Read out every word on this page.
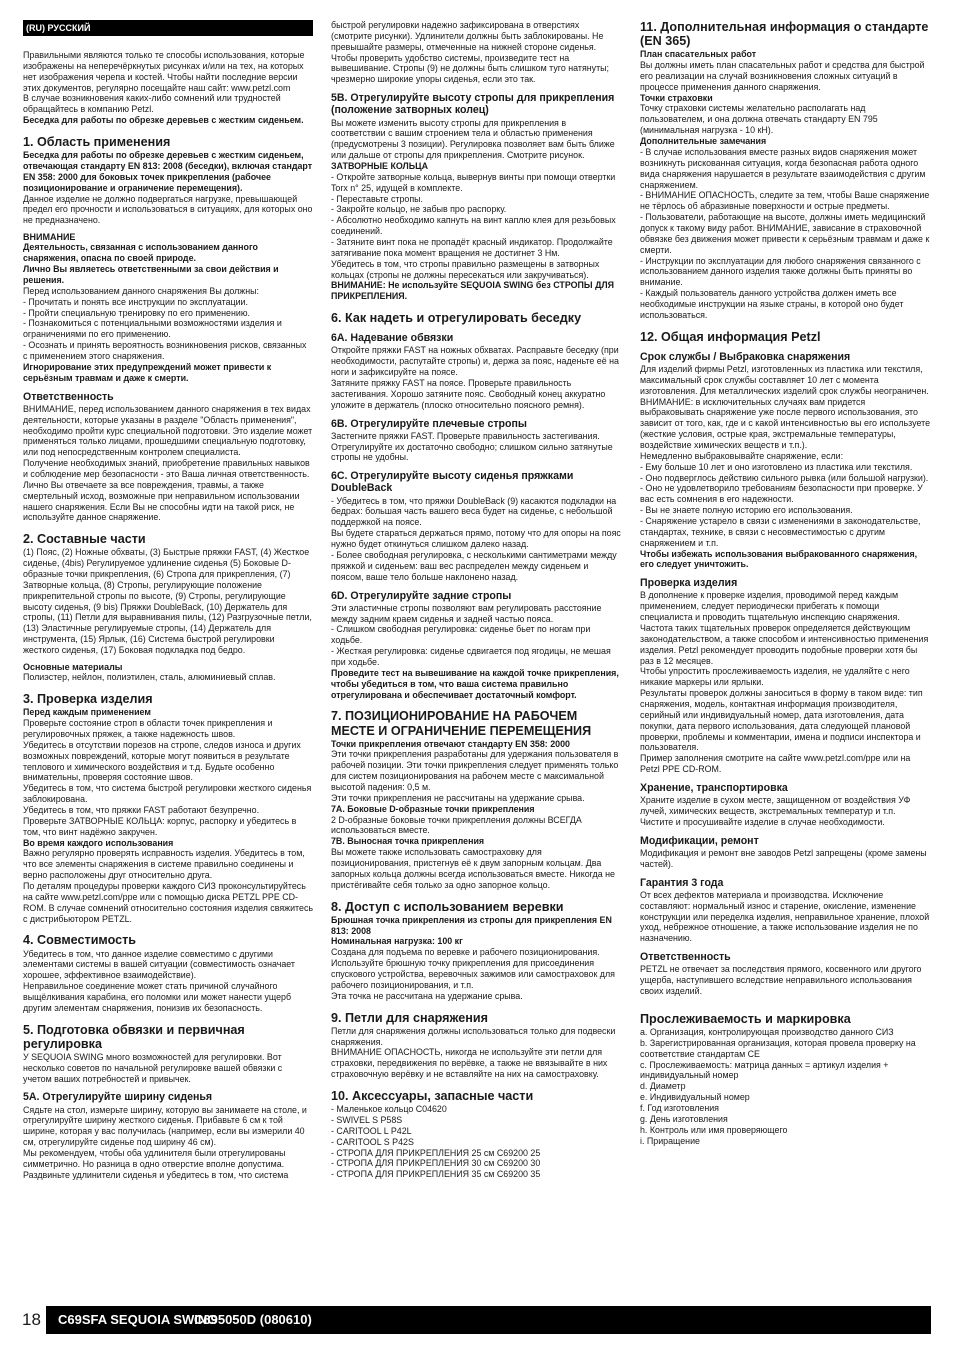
(RU) РУССКИЙ

Правильными являются только те способы использования, которые изображены на неперечёркнутых рисунках и/или на тех, на которых нет изображения черепа и костей. Чтобы найти последние версии этих документов, регулярно посещайте наш сайт: www.petzl.com

В случае возникновения каких-либо сомнений или трудностей обращайтесь в компанию Petzl.

Беседка для работы по обрезке деревьев с жестким сиденьем.

1. Область применения

Беседка для работы по обрезке деревьев с жестким сиденьем, отвечающая стандарту EN 813: 2008 (беседки), включая стандарт EN 358: 2000 для боковых точек прикрепления (рабочее позиционирование и ограничение перемещения).

Данное изделие не должно подвергаться нагрузке, превышающей предел его прочности и использоваться в ситуациях, для которых оно не предназначено.

ВНИМАНИЕ

Деятельность, связанная с использованием данного снаряжения, опасна по своей природе.

Лично Вы являетесь ответственными за свои действия и решения.

Перед использованием данного снаряжения Вы должны:

- Прочитать и понять все инструкции по эксплуатации.

- Пройти специальную тренировку по его применению.

- Познакомиться с потенциальными возможностями изделия и ограничениями по его применению.

- Осознать и принять вероятность возникновения рисков, связанных с применением этого снаряжения.

Игнорирование этих предупреждений может привести к серьёзным травмам и даже к смерти.

Ответственность

ВНИМАНИЕ, перед использованием данного снаряжения в тех видах деятельности, которые указаны в разделе "Область применения", необходимо пройти курс специальной подготовки. Это изделие может применяться только лицами, прошедшими специальную подготовку, или под непосредственным контролем специалиста.

Получение необходимых знаний, приобретение правильных навыков и соблюдение мер безопасности - это Ваша личная ответственность.

Лично Вы отвечаете за все повреждения, травмы, а также смертельный исход, возможные при неправильном использовании нашего снаряжения. Если Вы не способны идти на такой риск, не используйте данное снаряжение.

2. Составные части

(1) Пояс, (2) Ножные обхваты, (3) Быстрые пряжки FAST, (4) Жесткое сиденье, (4bis) Регулируемое удлинение сиденья (5) Боковые D-образные точки прикрепления, (6) Стропа для прикрепления, (7) Затворные кольца, (8) Стропы, регулирующие положение прикрепительной стропы по высоте, (9) Стропы, регулирующие высоту сиденья, (9 bis) Пряжки DoubleBack, (10) Держатель для стропы, (11) Петли для выравнивания пилы, (12) Разгрузочные петли, (13) Эластичные регулируемые стропы, (14) Держатель для инструмента, (15) Ярлык, (16) Система быстрой регулировки жесткого сиденья, (17) Боковая подкладка под бедро.

Основные материалы

Полиэстер, нейлон, полиэтилен, сталь, алюминиевый сплав.

3. Проверка изделия

Перед каждым применением

Проверьте состояние строп в области точек прикрепления и регулировочных пряжек, а также надежность швов.

Убедитесь в отсутствии порезов на стропе, следов износа и других возможных повреждений, которые могут появиться в результате теплового и химического воздействия и т.д. Будьте особенно внимательны, проверяя состояние швов.

Убедитесь в том, что система быстрой регулировки жесткого сиденья заблокирована.

Убедитесь в том, что пряжки FAST работают безупречно.

Проверьте ЗАТВОРНЫЕ КОЛЬЦА: корпус, распорку и убедитесь в том, что винт надёжно закручен.

Во время каждого использования

Важно регулярно проверять исправность изделия. Убедитесь в том, что все элементы снаряжения в системе правильно соединены и верно расположены друг относительно друга.

По деталям процедуры проверки каждого СИЗ проконсультируйтесь на сайте www.petzl.com/ppe или с помощью диска PETZL PPE CD-ROM. В случае сомнений относительно состояния изделия свяжитесь с дистрибьютором PETZL.

4. Совместимость

Убедитесь в том, что данное изделие совместимо с другими элементами системы в вашей ситуации (совместимость означает хорошее, эффективное взаимодействие).

Неправильное соединение может стать причиной случайного выщёлкивания карабина, его поломки или может нанести ущерб другим элементам снаряжения, понизив их безопасность.

5. Подготовка обвязки и первичная регулировка

У SEQUOIA SWING много возможностей для регулировки. Вот несколько советов по начальной регулировке вашей обвязки с учетом ваших потребностей и привычек.

5A. Отрегулируйте ширину сиденья

Сядьте на стол, измерьте ширину, которую вы занимаете на столе, и отрегулируйте ширину жесткого сиденья. Прибавьте 6 см к той ширине, которая у вас получилась (например, если вы измерили 40 см, отрегулируйте сиденье под ширину 46 см).

Мы рекомендуем, чтобы оба удлинителя были отрегулированы симметрично. Но разница в одно отверстие вполне допустима. Раздвиньте удлинители сиденья и убедитесь в том, что система

быстрой регулировки надежно зафиксирована в отверстиях (смотрите рисунки). Удлинители должны быть заблокированы. Не превышайте размеры, отмеченные на нижней стороне сиденья. Чтобы проверить удобство системы, произведите тест на вывешивание. Стропы (9) не должны быть слишком туго натянуты; чрезмерно широкие упоры сиденья, если это так.

5B. Отрегулируйте высоту стропы для прикрепления (положение затворных колец)

Вы можете изменить высоту стропы для прикрепления в соответствии с вашим строением тела и областью применения (предусмотрены 3 позиции). Регулировка позволяет вам быть ближе или дальше от стропы для прикрепления. Смотрите рисунок.

ЗАТВОРНЫЕ КОЛЬЦА

- Откройте затворные кольца, вывернув винты при помощи отвертки Torx n° 25, идущей в комплекте.

- Переставьте стропы.

- Закройте кольцо, не забыв про распорку.

- Абсолютно необходимо капнуть на винт каплю клея для резьбовых соединений.

- Затяните винт пока не пропадёт красный индикатор. Продолжайте затягивание пока момент вращения не достигнет 3 Нм.

Убедитесь в том, что стропы правильно размещены в затворных кольцах (стропы не должны пересекаться или закручиваться).

ВНИМАНИЕ: Не используйте SEQUOIA SWING без СТРОПЫ ДЛЯ ПРИКРЕПЛЕНИЯ.

6. Как надеть и отрегулировать беседку
6A. Надевание обвязки

Откройте пряжки FAST на ножных обхватах. Расправьте беседку (при необходимости, распутайте стропы) и, держа за пояс, наденьте её на ноги и зафиксируйте на поясе.

Затяните пряжку FAST на поясе. Проверьте правильность застегивания. Хорошо затяните пояс. Свободный конец аккуратно уложите в держатель (плоско относительно поясного ремня).

6B. Отрегулируйте плечевые стропы

Застегните пряжки FAST. Проверьте правильность застегивания. Отрегулируйте их достаточно свободно; слишком сильно затянутые стропы не удобны.

6C. Отрегулируйте высоту сиденья пряжками DoubleBack

- Убедитесь в том, что пряжки DoubleBack (9) касаются подкладки на бедрах: большая часть вашего веса будет на сиденье, с небольшой поддержкой на поясе.

Вы будете стараться держаться прямо, потому что для опоры на пояс нужно будет откинуться слишком далеко назад.

- Более свободная регулировка, с несколькими сантиметрами между пряжкой и сиденьем: ваш вес распределен между сиденьем и поясом, ваше тело больше наклонено назад.

6D. Отрегулируйте задние стропы

Эти эластичные стропы позволяют вам регулировать расстояние между задним краем сиденья и задней частью пояса.

- Слишком свободная регулировка: сиденье бьет по ногам при ходьбе.

- Жесткая регулировка: сиденье сдвигается под ягодицы, не мешая при ходьбе.

Проведите тест на вывешивание на каждой точке прикрепления, чтобы убедиться в том, что ваша система правильно отрегулирована и обеспечивает достаточный комфорт.

7. ПОЗИЦИОНИРОВАНИЕ НА РАБОЧЕМ МЕСТЕ И ОГРАНИЧЕНИЕ ПЕРЕМЕЩЕНИЯ

Точки прикрепления отвечают стандарту EN 358: 2000

Эти точки прикрепления разработаны для удержания пользователя в рабочей позиции. Эти точки прикрепления следует применять только для систем позиционирования на рабочем месте с максимальной высотой падения: 0,5 м.

Эти точки прикрепления не рассчитаны на удержание срыва.

7A. Боковые D-образные точки прикрепления

2 D-образные боковые точки прикрепления должны ВСЕГДА использоваться вместе.

7B. Выносная точка прикрепления

Вы можете также использовать самостраховку для позиционирования, пристегнув её к двум запорным кольцам. Два запорных кольца должны всегда использоваться вместе. Никогда не пристёгивайте себя только за одно запорное кольцо.

8. Доступ с использованием веревки

Брюшная точка прикрепления из стропы для прикрепления EN 813: 2008

Номинальная нагрузка: 100 кг

Создана для подъема по веревке и рабочего позиционирования. Используйте брюшную точку прикрепления для присоединения спускового устройства, веревочных зажимов или самостраховок для рабочего позиционирования, и т.п.

Эта точка не рассчитана на удержание срыва.

9. Петли для снаряжения

Петли для снаряжения должны использоваться только для подвески снаряжения.

ВНИМАНИЕ ОПАСНОСТЬ, никогда не используйте эти петли для страховки, передвижения по верёвке, а также не ввязывайте в них страховочную верёвку и не вставляйте на них на самостраховку.

10. Аксессуары, запасные части

- Маленькое кольцо C04620

- SWIVEL S P58S

- CARITOOL L P42L

- CARITOOL S P42S

- СТРОПА ДЛЯ ПРИКРЕПЛЕНИЯ 25 см C69200 25

- СТРОПА ДЛЯ ПРИКРЕПЛЕНИЯ 30 см C69200 30

- СТРОПА ДЛЯ ПРИКРЕПЛЕНИЯ 35 см C69200 35

11. Дополнительная информация о стандарте (EN 365)

План спасательных работ

Вы должны иметь план спасательных работ и средства для быстрой его реализации на случай возникновения сложных ситуаций в процессе применения данного снаряжения.

Точки страховки

Точку страховки системы желательно располагать над пользователем, и она должна отвечать стандарту EN 795 (минимальная нагрузка - 10 кН).

Дополнительные замечания

- В случае использования вместе разных видов снаряжения может возникнуть рискованная ситуация, когда безопасная работа одного вида снаряжения нарушается в результате взаимодействия с другим снаряжением.

- ВНИМАНИЕ ОПАСНОСТЬ, следите за тем, чтобы Ваше снаряжение не тёрлось об абразивные поверхности и острые предметы.

- Пользователи, работающие на высоте, должны иметь медицинский допуск к такому виду работ. ВНИМАНИЕ, зависание в страховочной обвязке без движения может привести к серьёзным травмам и даже к смерти.

- Инструкции по эксплуатации для любого снаряжения связанного с использованием данного изделия также должны быть приняты во внимание.

- Каждый пользователь данного устройства должен иметь все необходимые инструкции на языке страны, в которой оно будет использоваться.

12. Общая информация Petzl
Срок службы / Выбраковка снаряжения

Для изделий фирмы Petzl, изготовленных из пластика или текстиля, максимальный срок службы составляет 10 лет с момента изготовления. Для металлических изделий срок службы неограничен.

ВНИМАНИЕ: в исключительных случаях вам придется выбраковывать снаряжение уже после первого использования, это зависит от того, как, где и с какой интенсивностью вы его используете (жесткие условия, острые края, экстремальные температуры, воздействие химических веществ и т.п.).

Немедленно выбраковывайте снаряжение, если:

- Ему больше 10 лет и оно изготовлено из пластика или текстиля.

- Оно подверглось действию сильного рывка (или большой нагрузки).

- Оно не удовлетворило требованиям безопасности при проверке. У вас есть сомнения в его надежности.

- Вы не знаете полную историю его использования.

- Снаряжение устарело в связи с изменениями в законодательстве, стандартах, технике, в связи с несовместимостью с другим снаряжением и т.п.

Чтобы избежать использования выбракованного снаряжения, его следует уничтожить.

Проверка изделия

В дополнение к проверке изделия, проводимой перед каждым применением, следует периодически прибегать к помощи специалиста и проводить тщательную инспекцию снаряжения. Частота таких тщательных проверок определяется действующим законодательством, а также способом и интенсивностью применения изделия. Petzl рекомендует проводить подобные проверки хотя бы раз в 12 месяцев.

Чтобы упростить прослеживаемость изделия, не удаляйте с него никакие маркеры или ярлыки.

Результаты проверок должны заноситься в форму в таком виде: тип снаряжения, модель, контактная информация производителя, серийный или индивидуальный номер, дата изготовления, дата покупки, дата первого использования, дата следующей плановой проверки, проблемы и комментарии, имена и подписи инспектора и пользователя.

Пример заполнения смотрите на сайте www.petzl.com/ppe или на Petzl PPE CD-ROM.

Хранение, транспортировка

Храните изделие в сухом месте, защищенном от воздействия УФ лучей, химических веществ, экстремальных температур и т.п. Чистите и просушивайте изделие в случае необходимости.

Модификации, ремонт

Модификация и ремонт вне заводов Petzl запрещены (кроме замены частей).

Гарантия 3 года

От всех дефектов материала и производства. Исключение составляют: нормальный износ и старение, окисление, изменение конструкции или переделка изделия, неправильное хранение, плохой уход, небрежное отношение, а также использование изделия не по назначению.

Ответственность

PETZL не отвечает за последствия прямого, косвенного или другого ущерба, наступившего вследствие неправильного использования своих изделий.

Прослеживаемость и маркировка

a. Организация, контролирующая производство данного СИЗ

b. Зарегистрированная организация, которая провела проверку на соответствие стандартам CE

c. Прослеживаемость: матрица данных = артикул изделия + индивидуальный номер

d. Диаметр

e. Индивидуальный номер

f. Год изготовления

g. День изготовления

h. Контроль или имя проверяющего

i. Приращение

18 C69SFA SEQUOIA SWING
C695050D (080610)
